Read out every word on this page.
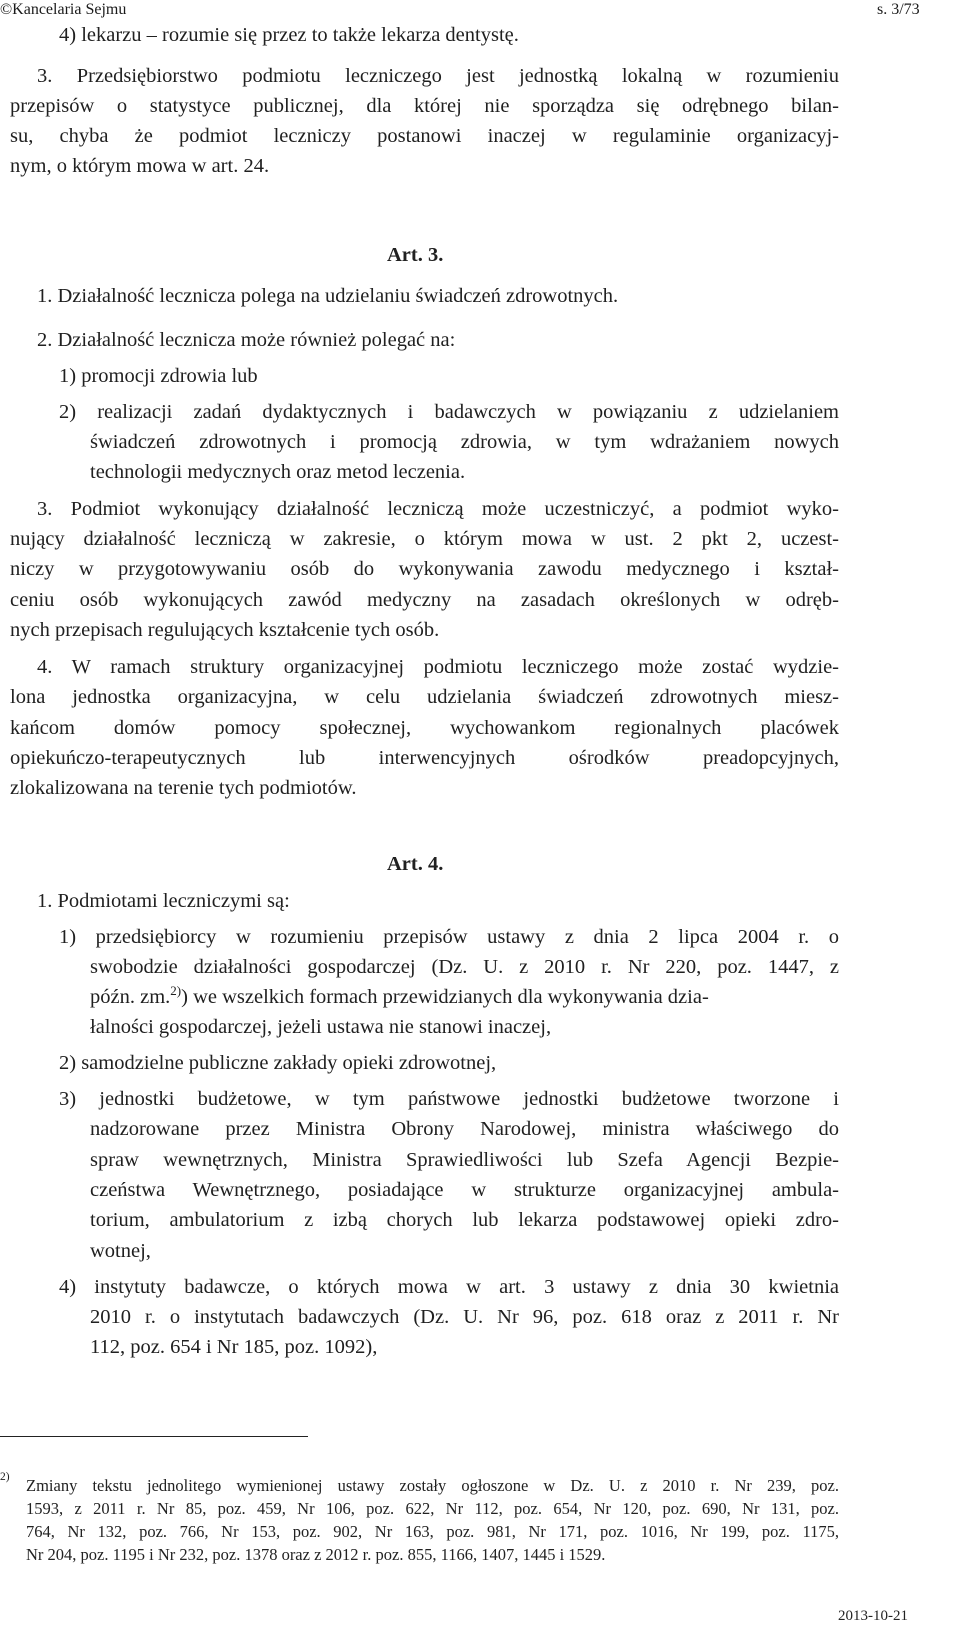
©Kancelaria Sejmu	s. 3/73
4) lekarzu – rozumie się przez to także lekarza dentystę.
3. Przedsiębiorstwo podmiotu leczniczego jest jednostką lokalną w rozumieniu
przepisów o statystyce publicznej, dla której nie sporządza się odrębnego bilan-
su, chyba że podmiot leczniczy postanowi inaczej w regulaminie organizacyj-
nym, o którym mowa w art. 24.
Art. 3.
1. Działalność lecznicza polega na udzielaniu świadczeń zdrowotnych.
2. Działalność lecznicza może również polegać na:
1) promocji zdrowia lub
2) realizacji zadań dydaktycznych i badawczych w powiązaniu z udzielaniem
świadczeń zdrowotnych i promocją zdrowia, w tym wdrażaniem nowych
technologii medycznych oraz metod leczenia.
3. Podmiot wykonujący działalność leczniczą może uczestniczyć, a podmiot wyko-
nujący działalność leczniczą w zakresie, o którym mowa w ust. 2 pkt 2, uczest-
niczy w przygotowywaniu osób do wykonywania zawodu medycznego i kształ-
ceniu osób wykonujących zawód medyczny na zasadach określonych w odręb-
nych przepisach regulujących kształcenie tych osób.
4. W ramach struktury organizacyjnej podmiotu leczniczego może zostać wydzie-
lona jednostka organizacyjna, w celu udzielania świadczeń zdrowotnych miesz-
kańcom domów pomocy społecznej, wychowankom regionalnych placówek
opiekuńczo-terapeutycznych lub interwencyjnych ośrodków preadopcyjnych,
zlokalizowana na terenie tych podmiotów.
Art. 4.
1. Podmiotami leczniczymi są:
1) przedsiębiorcy w rozumieniu przepisów ustawy z dnia 2 lipca 2004 r. o
swobodzie działalności gospodarczej (Dz. U. z 2010 r. Nr 220, poz. 1447, z
późn. zm.$^{2)}$) we wszelkich formach przewidzianych dla wykonywania dzia-
łalności gospodarczej, jeżeli ustawa nie stanowi inaczej,
2) samodzielne publiczne zakłady opieki zdrowotnej,
3) jednostki budżetowe, w tym państwowe jednostki budżetowe tworzone i
nadzorowane przez Ministra Obrony Narodowej, ministra właściwego do
spraw wewnętrznych, Ministra Sprawiedliwości lub Szefa Agencji Bezpie-
czeństwa Wewnętrznego, posiadające w strukturze organizacyjnej ambula-
torium, ambulatorium z izbą chorych lub lekarza podstawowej opieki zdro-
wotnej,
4) instytuty badawcze, o których mowa w art. 3 ustawy z dnia 30 kwietnia
2010 r. o instytutach badawczych (Dz. U. Nr 96, poz. 618 oraz z 2011 r. Nr
112, poz. 654 i Nr 185, poz. 1092),
2) Zmiany tekstu jednolitego wymienionej ustawy zostały ogłoszone w Dz. U. z 2010 r. Nr 239, poz.
1593, z 2011 r. Nr 85, poz. 459, Nr 106, poz. 622, Nr 112, poz. 654, Nr 120, poz. 690, Nr 131, poz.
764, Nr 132, poz. 766, Nr 153, poz. 902, Nr 163, poz. 981, Nr 171, poz. 1016, Nr 199, poz. 1175,
Nr 204, poz. 1195 i Nr 232, poz. 1378 oraz z 2012 r. poz. 855, 1166, 1407, 1445 i 1529.
2013-10-21
